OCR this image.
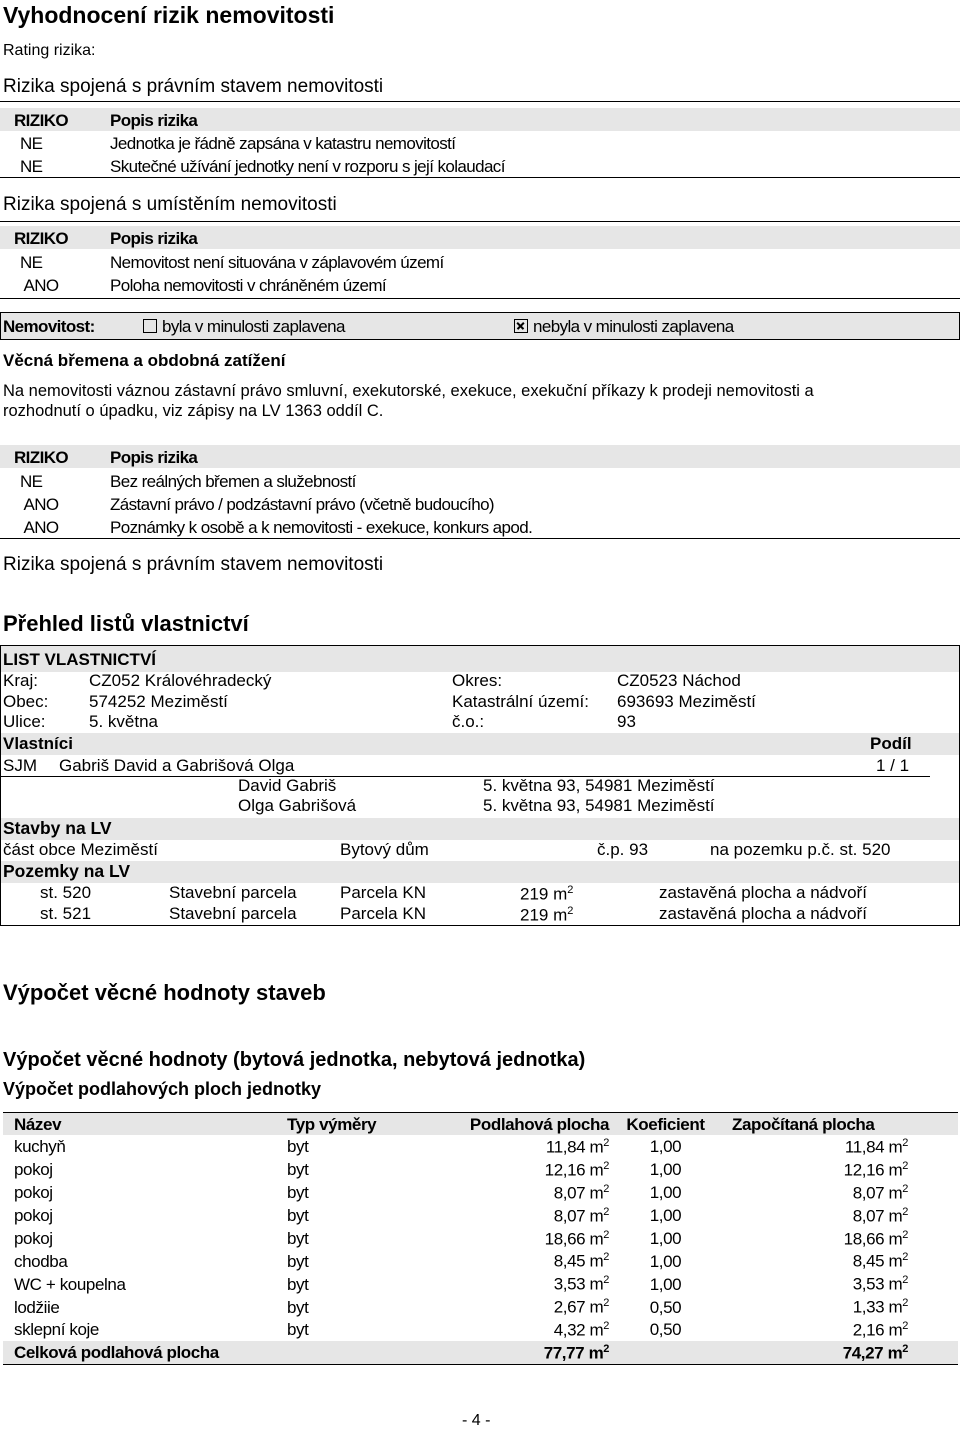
Vyhodnocení rizik nemovitosti
Rating rizika:
Rizika spojená s právním stavem nemovitosti
RIZIKO	Popis rizika
NE	Jednotka je řádně zapsána v katastru nemovitostí
NE	Skutečné užívání jednotky není v rozporu s její kolaudací
Rizika spojená s umístěním nemovitosti
RIZIKO	Popis rizika
NE	Nemovitost není situována v záplavovém území
ANO	Poloha nemovitosti v chráněném území
Nemovitost:	byla v minulosti zaplavena	nebyla v minulosti zaplavena
Věcná břemena a obdobná zatížení
Na nemovitosti váznou zástavní právo smluvní, exekutorské, exekuce, exekuční příkazy k prodeji nemovitosti a
rozhodnutí o úpadku, viz zápisy na LV 1363 oddíl C.
RIZIKO	Popis rizika
NE	Bez reálných břemen a služebností
ANO	Zástavní právo / podzástavní právo (včetně budoucího)
ANO	Poznámky k osobě a k nemovitosti - exekuce, konkurs apod.
Rizika spojená s právním stavem nemovitosti
Přehled listů vlastnictví
LIST VLASTNICTVÍ
Kraj:	CZ052 Královéhradecký	Okres:	CZ0523 Náchod
Obec: 574252 Meziměstí	Katastrální území: 693693 Meziměstí
Ulice:	5. května	č.o.:	93
Vlastníci	Podíl
SJM Gabriš David a Gabrišová Olga	1 / 1
David Gabriš	5. května 93, 54981 Meziměstí
Olga Gabrišová	5. května 93, 54981 Meziměstí
Stavby na LV
část obce Meziměstí	Bytový dům	č.p. 93	na pozemku p.č. st. 520
Pozemky na LV
st. 520	Stavební parcela	Parcela KN	219 $m^2$	zastavěná plocha a nádvoří
st. 521	Stavební parcela	Parcela KN	219 $m^2$	zastavěná plocha a nádvoří
Výpočet věcné hodnoty staveb
Výpočet věcné hodnoty (bytová jednotka, nebytová jednotka)
Výpočet podlahových ploch jednotky
Název	Typ výměry	Podlahová plocha	Koeficient	Započítaná plocha
kuchyň	byt	11,84 $m^2$	1,00	11,84 $m^2$
pokoj	byt	12,16 $m^2$	1,00	12,16 $m^2$
pokoj	byt	8,07 $m^2$	1,00	8,07 $m^2$
pokoj	byt	8,07 $m^2$	1,00	8,07 $m^2$
pokoj	byt	18,66 $m^2$	1,00	18,66 $m^2$
chodba	byt	8,45 $m^2$	1,00	8,45 $m^2$
WC + koupelna	byt	3,53 $m^2$	1,00	3,53 $m^2$
lodžiie	byt	2,67 $m^2$	0,50	1,33 $m^2$
sklepní koje	byt	4,32 $m^2$	0,50	2,16 $m^2$
Celková podlahová plocha		77,77 $m^2$		74,27 $m^2$
- 4 -
